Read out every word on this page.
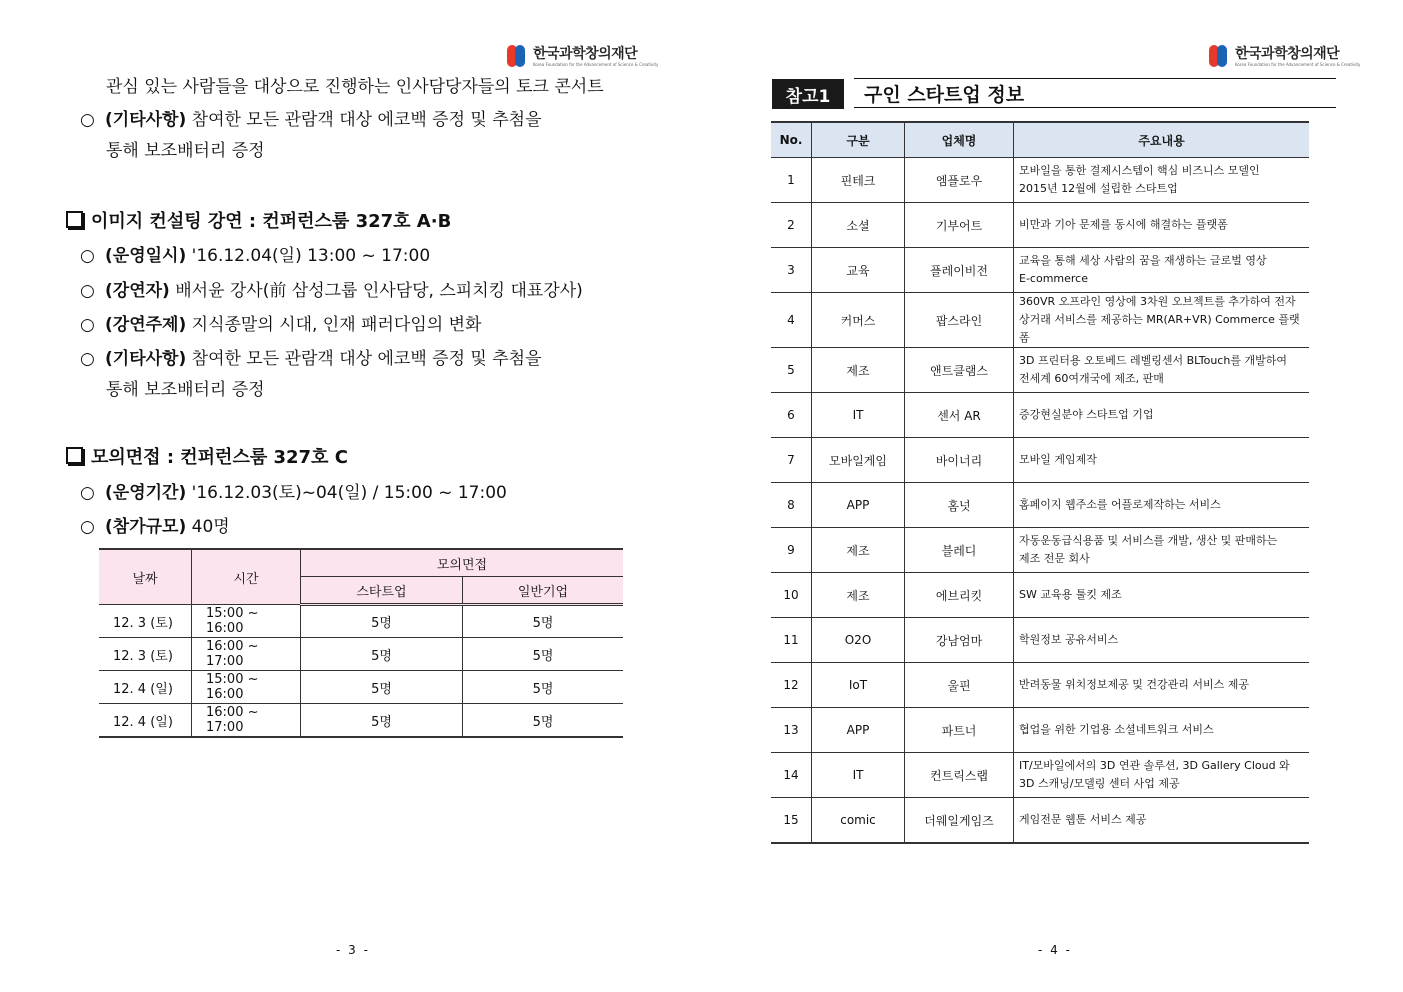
한국과학창의재단
Korea Foundation for the Advancement of Science & Creativity
관심 있는 사람들을 대상으로 진행하는 인사담당자들의 토크 콘서트
○ (기타사항) 참여한 모든 관람객 대상 에코백 증정 및 추첨을
통해 보조배터리 증정
이미지 컨설팅 강연 : 컨퍼런스룸 327호 A·B
○ (운영일시) '16.12.04(일) 13:00 ~ 17:00
○ (강연자) 배서윤 강사(前 삼성그룹 인사담당, 스피치킹 대표강사)
○ (강연주제) 지식종말의 시대, 인재 패러다임의 변화
○ (기타사항) 참여한 모든 관람객 대상 에코백 증정 및 추첨을
통해 보조배터리 증정
모의면접 : 컨퍼런스룸 327호 C
○ (운영기간) '16.12.03(토)~04(일) / 15:00 ~ 17:00
○ (참가규모) 40명
날짜	시간	모의면접	
		스타트업	일반기업
12. 3 (토)	15:00 ~ 16:00	5명	5명
12. 3 (토)	16:00 ~ 17:00	5명	5명
12. 4 (일)	15:00 ~ 16:00	5명	5명
12. 4 (일)	16:00 ~ 17:00	5명	5명
- 3 -
한국과학창의재단
Korea Foundation for the Advancement of Science & Creativity
참고1	구인 스타트업 정보
No.	구분	업체명	주요내용
1	핀테크	엠플로우	모바일을 통한 결제시스템이 핵심 비즈니스 모델인
2015년 12월에 설립한 스타트업

2	소셜	기부어트	비만과 기아 문제를 동시에 해결하는 플랫폼

3	교육	플레이비전	교육을 통해 세상 사람의 꿈을 재생하는 글로벌 영상
E-commerce

4	커머스	팝스라인	360VR 오프라인 영상에 3차원 오브젝트를 추가하여 전자
상거래 서비스를 제공하는 MR(AR+VR) Commerce 플랫폼

5	제조	앤트클램스	3D 프린터용 오토베드 레벨링센서 BLTouch를 개발하여
전세계 60여개국에 제조, 판매

6	IT	센서 AR	증강현실분야 스타트업 기업

7	모바일게임	바이너리	모바일 게임제작

8	APP	홈넛	홈페이지 웹주소를 어플로제작하는 서비스

9	제조	블레디	자동운동급식용품 및 서비스를 개발, 생산 및 판매하는
제조 전문 회사

10	제조	에브리킷	SW 교육용 툴킷 제조

11	O2O	강남엄마	학원정보 공유서비스

12	IoT	울핀	반려동물 위치정보제공 및 건강관리 서비스 제공

13	APP	파트너	협업을 위한 기업용 소셜네트워크 서비스

14	IT	컨트릭스랩	IT/모바일에서의 3D 연관 솔루션, 3D Gallery Cloud 와
3D 스캐닝/모델링 센터 사업 제공

15	comic	더웨일게임즈	게임전문 웹툰 서비스 제공
- 4 -
